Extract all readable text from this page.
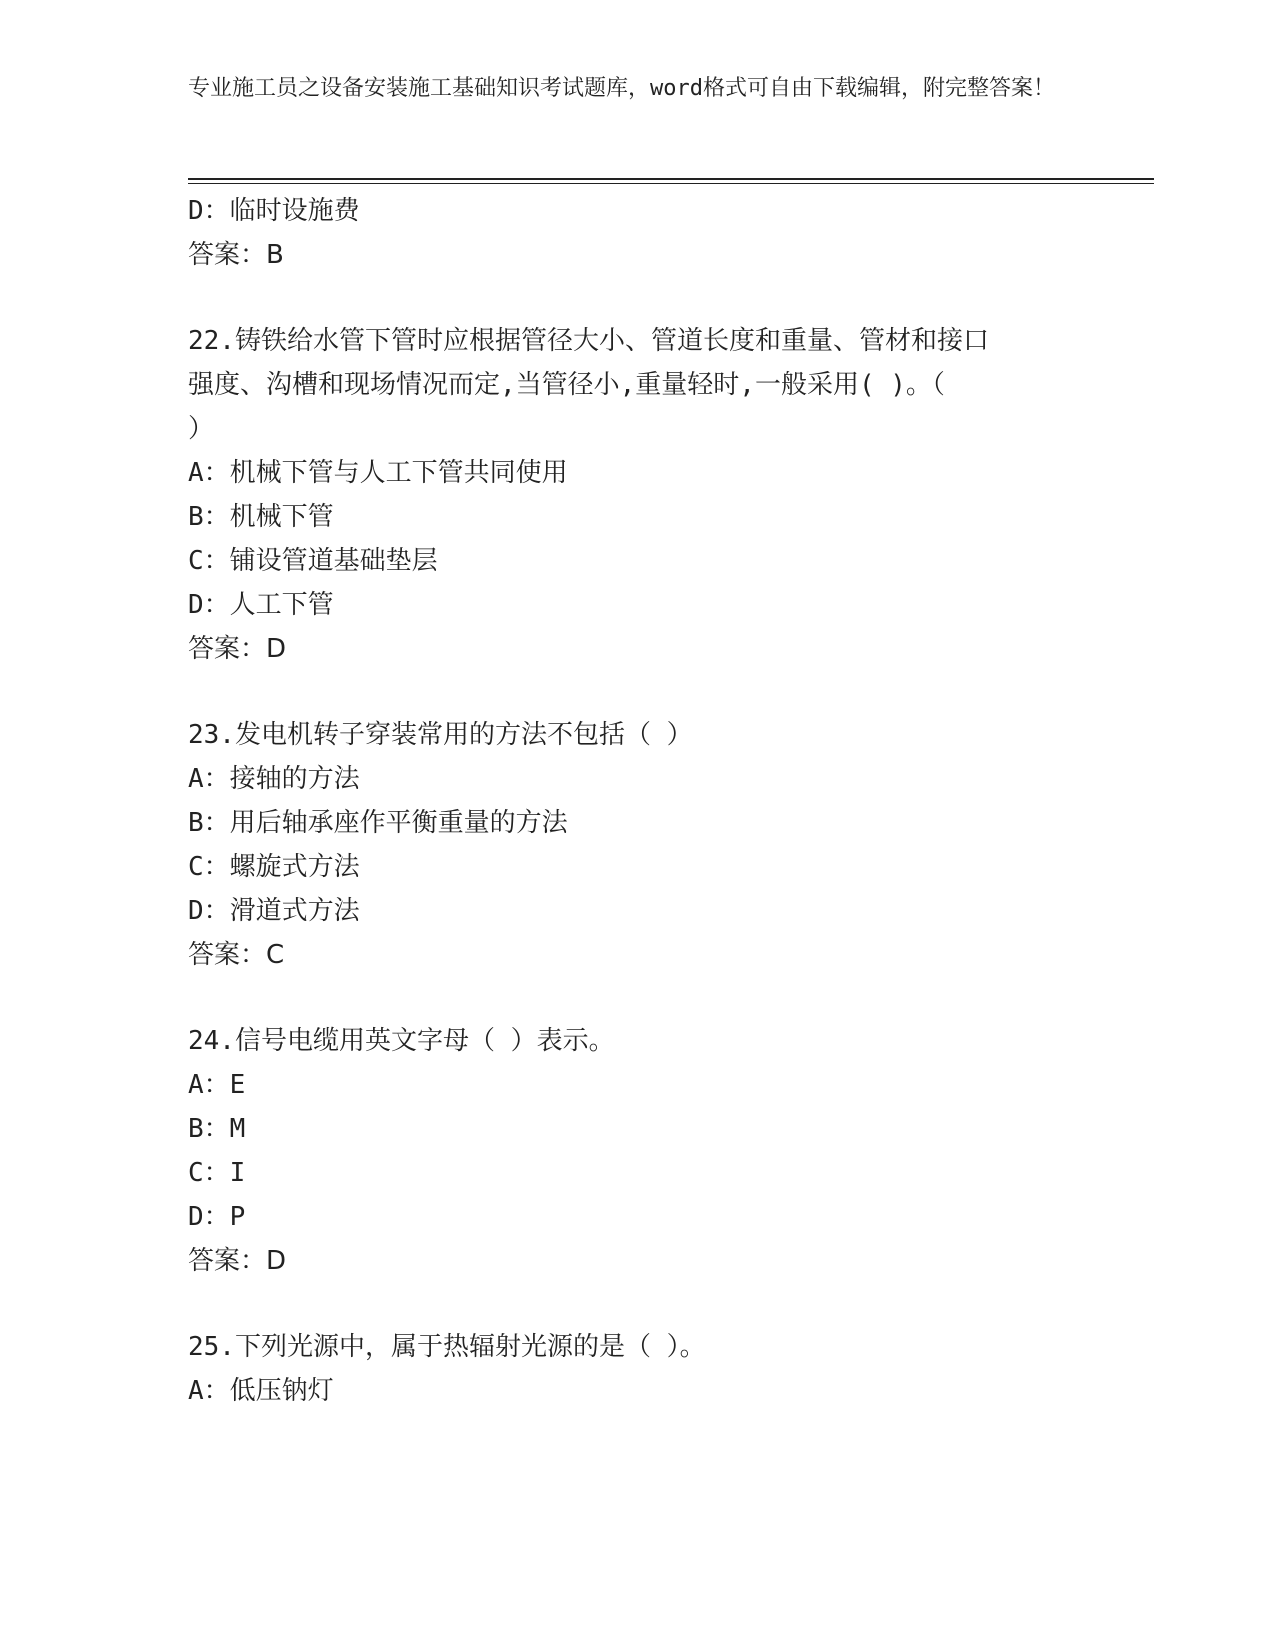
专业施工员之设备安装施工基础知识考试题库，word格式可自由下载编辑，附完整答案！
D：临时设施费
答案：B
22.铸铁给水管下管时应根据管径大小、管道长度和重量、管材和接口
强度、沟槽和现场情况而定,当管径小,重量轻时,一般采用( )。（
）
A：机械下管与人工下管共同使用
B：机械下管
C：铺设管道基础垫层
D：人工下管
答案：D
23.发电机转子穿装常用的方法不包括（ ）
A：接轴的方法
B：用后轴承座作平衡重量的方法
C：螺旋式方法
D：滑道式方法
答案：C
24.信号电缆用英文字母（ ）表示。
A：E
B：M
C：I
D：P
答案：D
25.下列光源中，属于热辐射光源的是（ ）。
A：低压钠灯
